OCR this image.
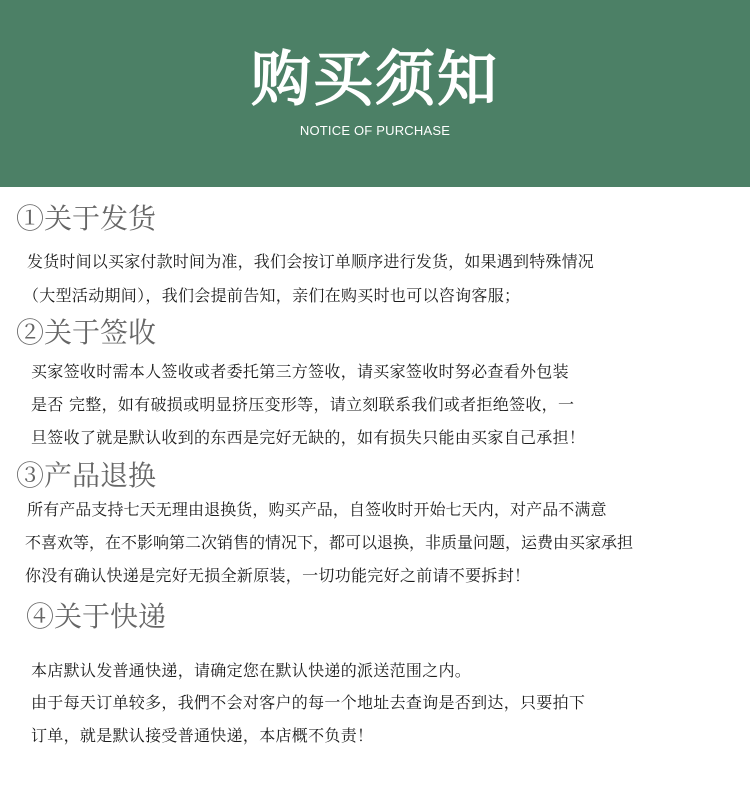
购买须知
NOTICE OF PURCHASE
①关于发货
发货时间以买家付款时间为准，我们会按订单顺序进行发货，如果遇到特殊情况
（大型活动期间），我们会提前告知，亲们在购买时也可以咨询客服；
②关于签收
买家签收时需本人签收或者委托第三方签收，请买家签收时努必查看外包装
是否 完整，如有破损或明显挤压变形等，请立刻联系我们或者拒绝签收，一
旦签收了就是默认收到的东西是完好无缺的，如有损失只能由买家自己承担！
③产品退换
所有产品支持七天无理由退换货，购买产品，自签收时开始七天内，对产品不满意
不喜欢等，在不影响第二次销售的情况下，都可以退换，非质量问题，运费由买家承担
你没有确认快递是完好无损全新原装，一切功能完好之前请不要拆封！
④关于快递
本店默认发普通快递，请确定您在默认快递的派送范围之内。
由于每天订单较多，我們不会对客户的每一个地址去查询是否到达，只要拍下
订单，就是默认接受普通快递，本店概不负责！
